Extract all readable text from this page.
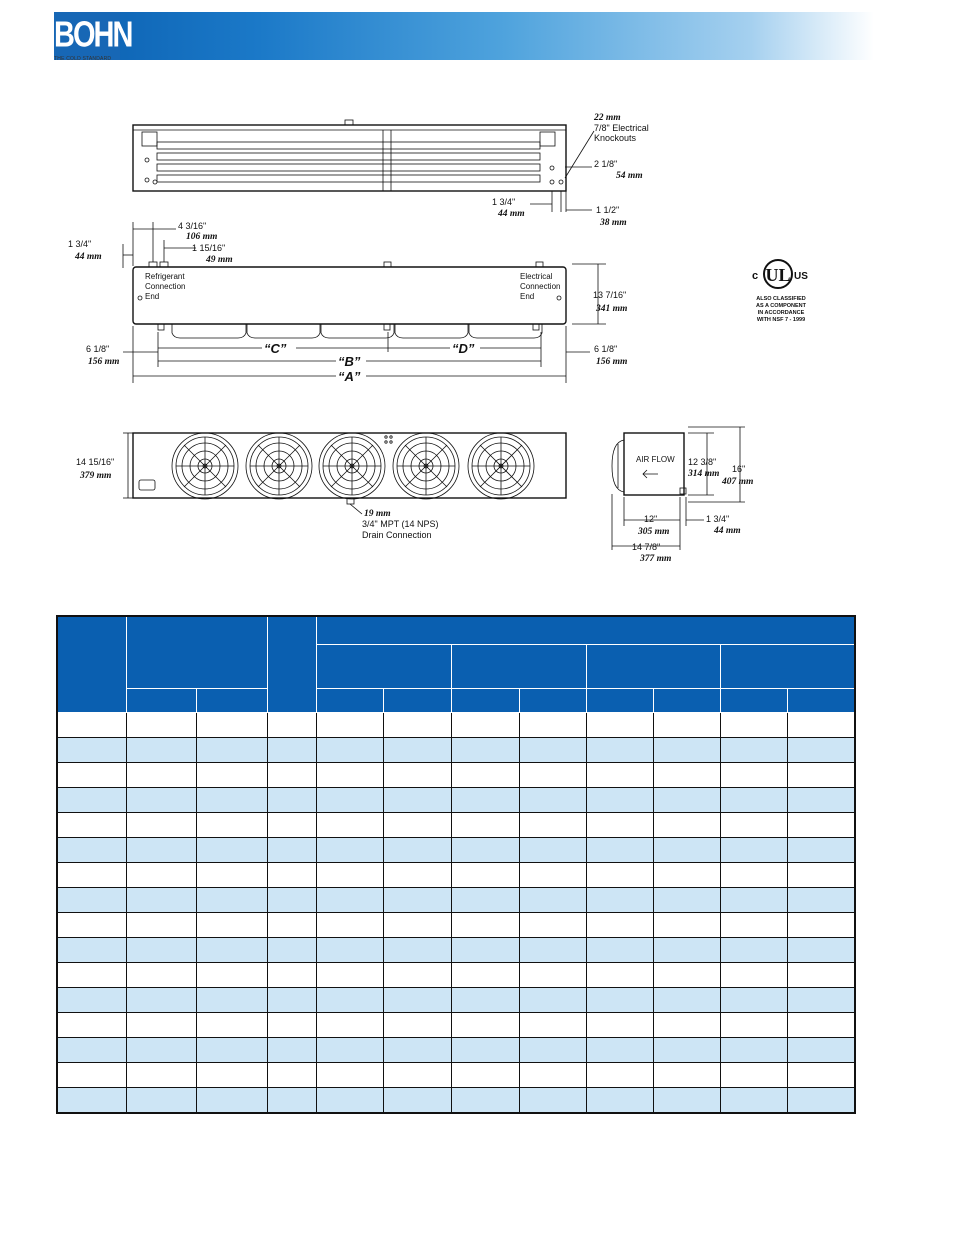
BOHN
THE COLD STANDARD
22 mm
7/8" Electrical
Knockouts
2 1/8"
54 mm
1 3/4"
44 mm	1 1/2"
38 mm
Refrigerant
Connection
End
Electrical
Connection
End
1 3/4"
44 mm
4 3/16"
106 mm
1 15/16"
49 mm
13 7/16"
341 mm
“C”	“D”
“B”
“A”
6 1/8"
156 mm
6 1/8"
156 mm
14 15/16"
379 mm
19 mm
3/4" MPT (14 NPS)
Drain Connection
AIR FLOW 12 3/8"
314 mm 16"
407 mm
12"
305 mm
14 7/8"
377 mm
1 3/4"
44 mm
UL
c	US
ALSO CLASSIFIED
AS A COMPONENT
IN ACCORDANCE
WITH NSF 7 - 1999
